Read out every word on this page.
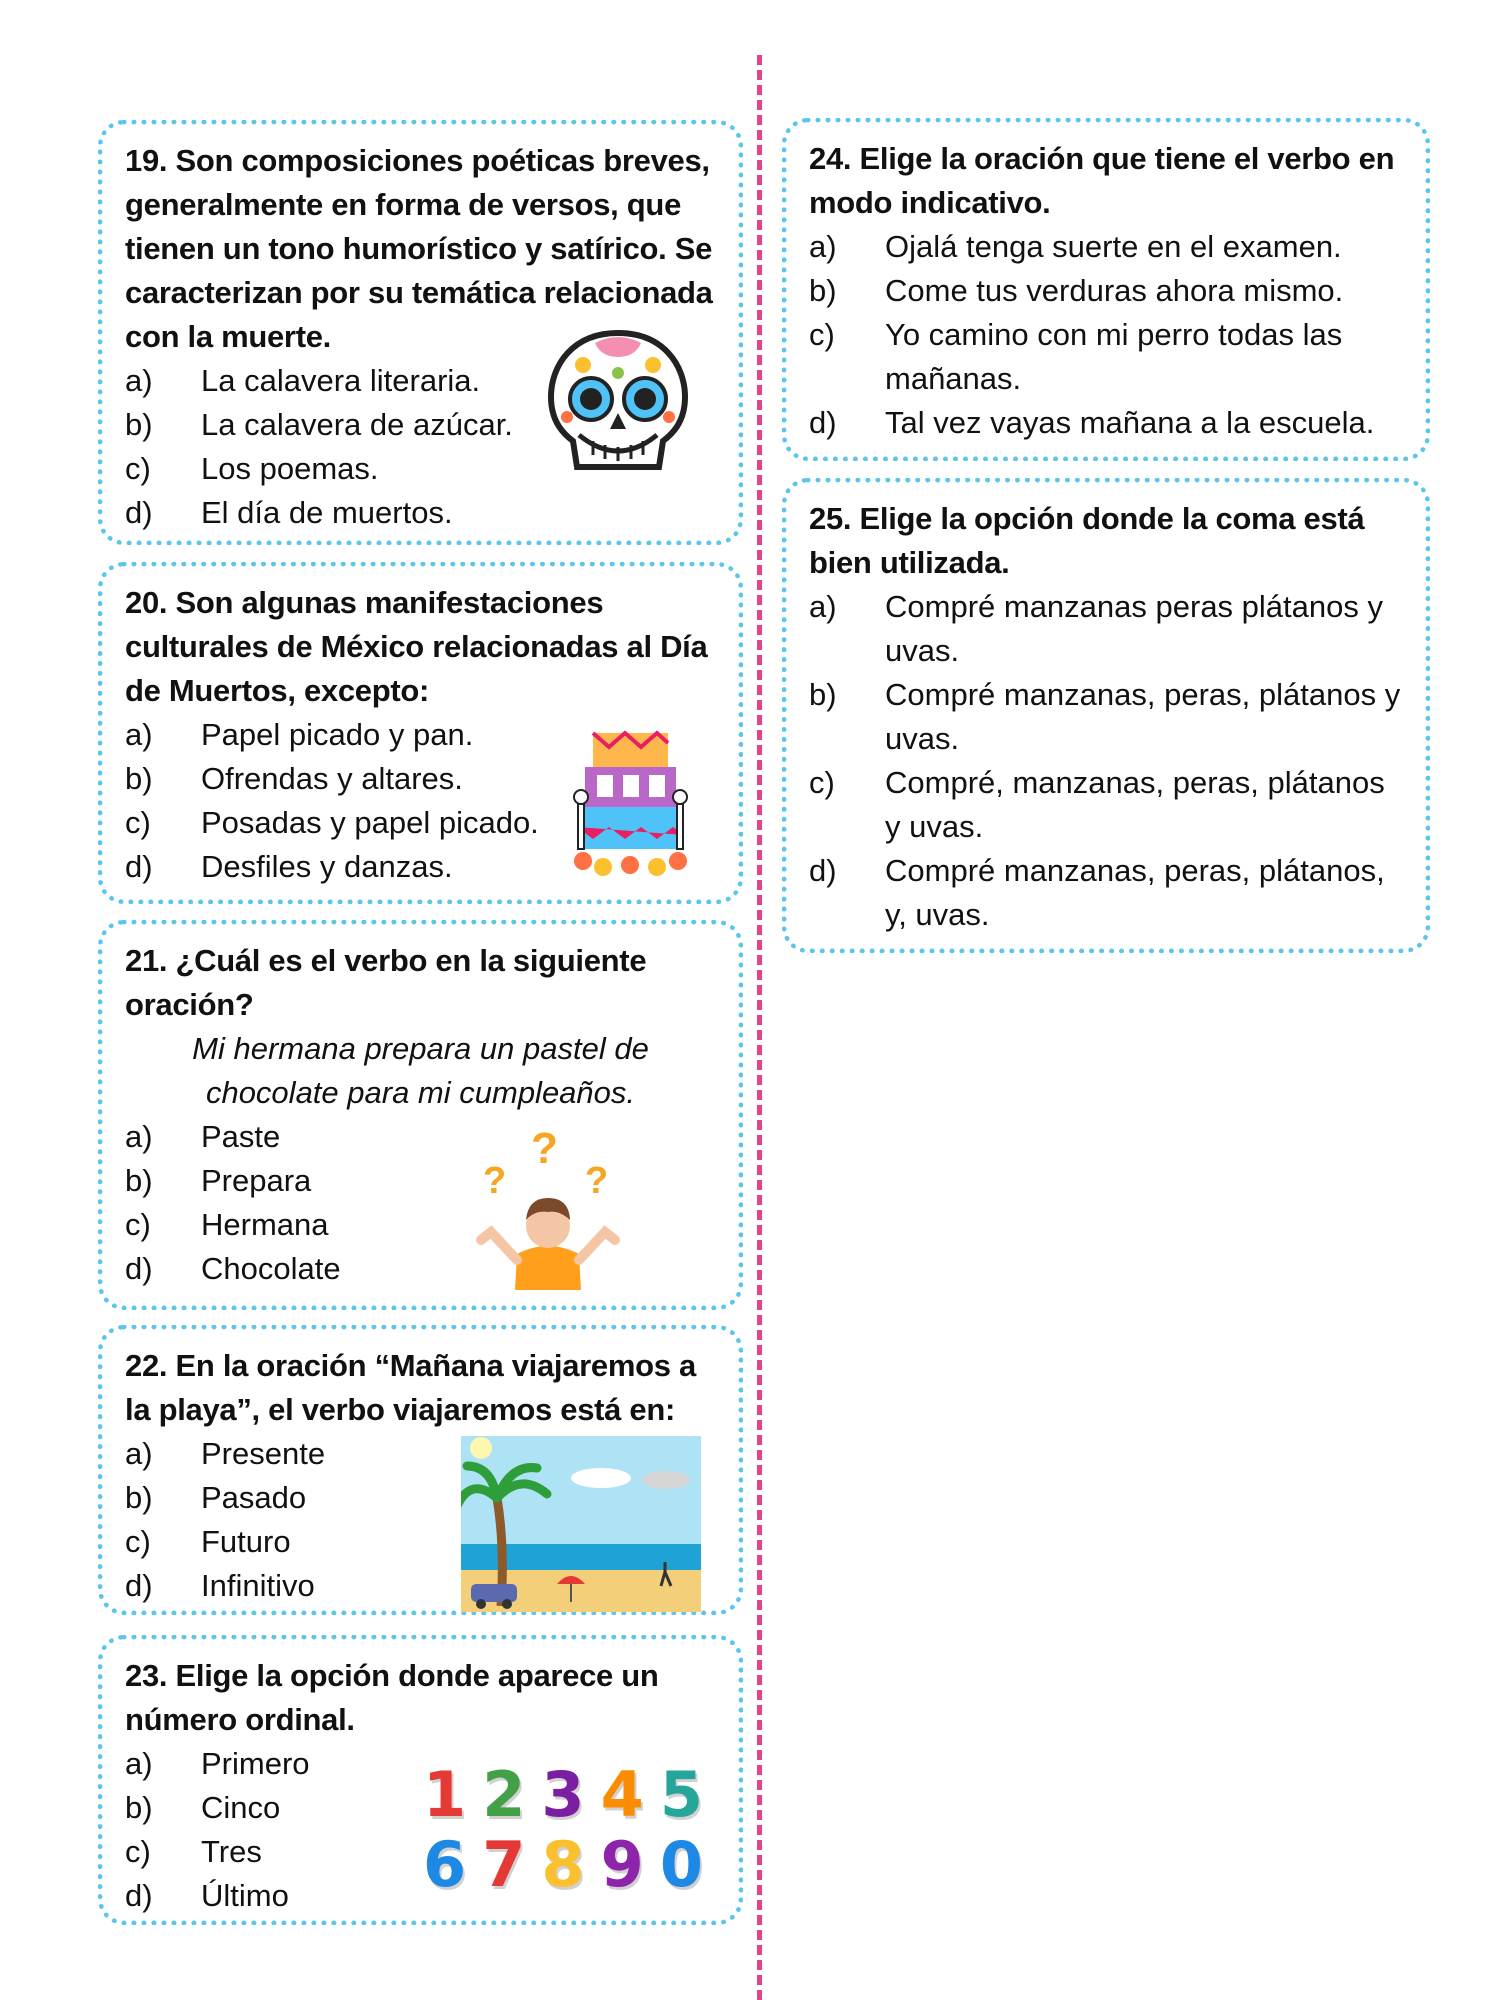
19. Son composiciones poéticas breves, generalmente en forma de versos, que tienen un tono humorístico y satírico. Se caracterizan por su temática relacionada con la muerte.

a)	La calavera literaria.
b)	La calavera de azúcar.
c)	Los poemas.
d)	El día de muertos.

20. Son algunas manifestaciones culturales de México relacionadas al Día de Muertos, excepto:

a)	Papel picado y pan.
b)	Ofrendas y altares.
c)	Posadas y papel picado.
d)	Desfiles y danzas.

21. ¿Cuál es el verbo en la siguiente oración?

Mi hermana prepara un pastel de chocolate para mi cumpleaños.

a)	Paste
b)	Prepara
c)	Hermana
d)	Chocolate
?
?
?

22. En la oración “Mañana viajaremos a la playa”, el verbo viajaremos está en:

a)	Presente
b)	Pasado
c)	Futuro
d)	Infinitivo

23. Elige la opción donde aparece un número ordinal.

a)	Primero
b)	Cinco
c)	Tres
d)	Último
1 2 3 4 5
6 7 8 9 0

24. Elige la oración que tiene el verbo en modo indicativo.

a)	Ojalá tenga suerte en el examen.
b)	Come tus verduras ahora mismo.
c)	Yo camino con mi perro todas las mañanas.
d)	Tal vez vayas mañana a la escuela.

25. Elige la opción donde la coma está bien utilizada.

a)	Compré manzanas peras plátanos y uvas.
b)	Compré manzanas, peras, plátanos y uvas.
c)	Compré, manzanas, peras, plátanos y uvas.
d)	Compré manzanas, peras, plátanos, y, uvas.
